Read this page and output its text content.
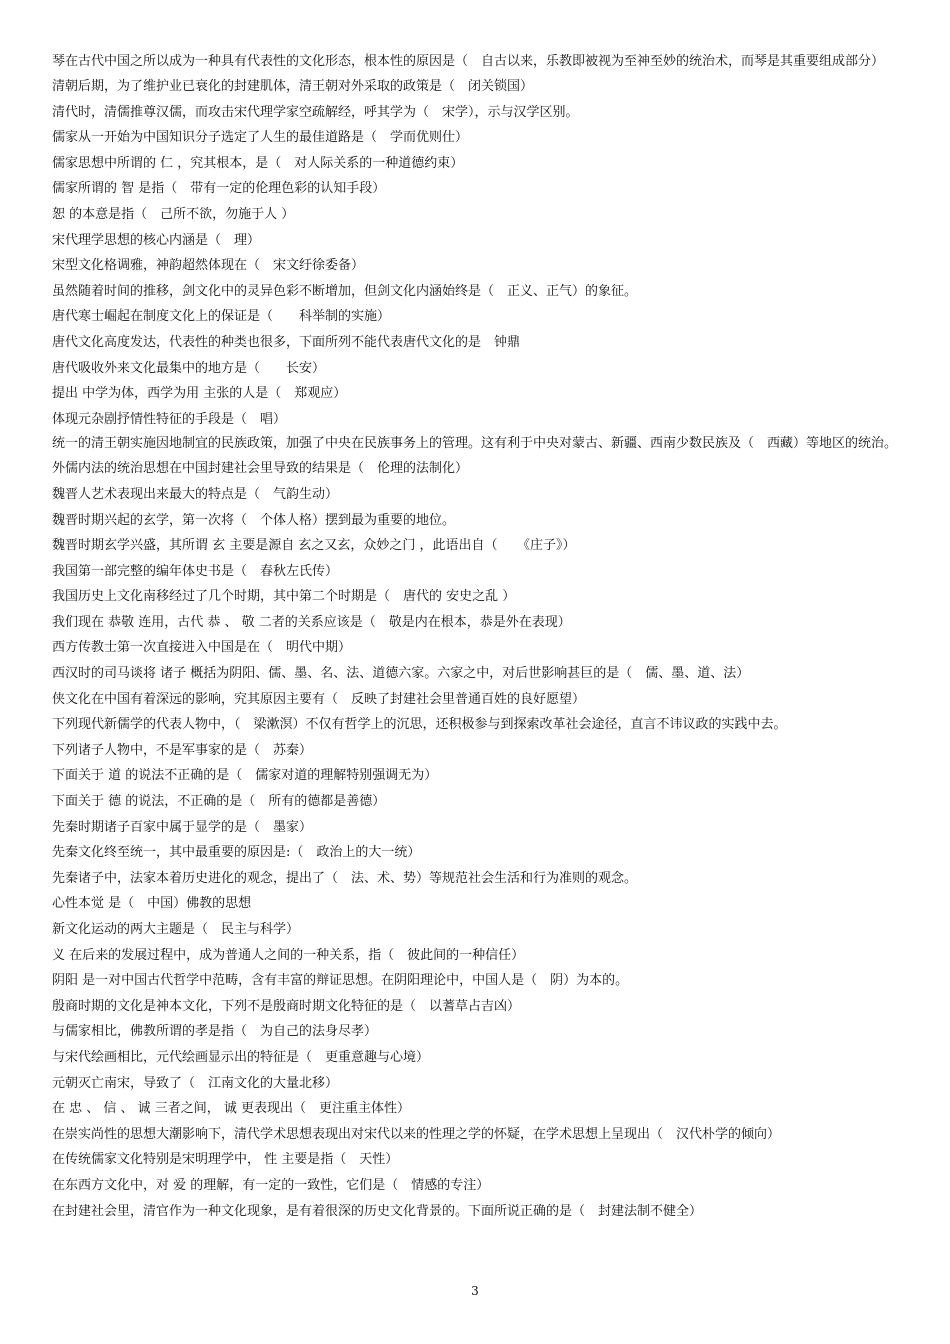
琴在古代中国之所以成为一种具有代表性的文化形态，根本性的原因是（　自古以来，乐教即被视为至神至妙的统治术，而琴是其重要组成部分）
清朝后期，为了维护业已衰化的封建肌体，清王朝对外采取的政策是（　闭关锁国）
清代时，清儒推尊汉儒，而攻击宋代理学家空疏解经，呼其学为（　宋学），示与汉学区别。
儒家从一开始为中国知识分子选定了人生的最佳道路是（　学而优则仕）
儒家思想中所谓的 仁 ，究其根本，是（　对人际关系的一种道德约束）
儒家所谓的 智 是指（　带有一定的伦理色彩的认知手段）
恕 的本意是指（　己所不欲，勿施于人 ）
宋代理学思想的核心内涵是（　理）
宋型文化格调雅，神韵超然体现在（　宋文纡徐委备）
虽然随着时间的推移，剑文化中的灵异色彩不断增加，但剑文化内涵始终是（　正义、正气）的象征。
唐代寒士崛起在制度文化上的保证是（　　科举制的实施）
唐代文化高度发达，代表性的种类也很多，下面所列不能代表唐代文化的是　钟鼎
唐代吸收外来文化最集中的地方是（　　长安）
提出 中学为体，西学为用 主张的人是（　郑观应）
体现元杂剧抒情性特征的手段是（　唱）
统一的清王朝实施因地制宜的民族政策，加强了中央在民族事务上的管理。这有利于中央对蒙古、新疆、西南少数民族及（　西藏）等地区的统治。
外儒内法的统治思想在中国封建社会里导致的结果是（　伦理的法制化）
魏晋人艺术表现出来最大的特点是（　气韵生动）
魏晋时期兴起的玄学，第一次将（　个体人格）摆到最为重要的地位。
魏晋时期玄学兴盛，其所谓 玄 主要是源自 玄之又玄，众妙之门 ，此语出自（　　《庄子》）
我国第一部完整的编年体史书是（　春秋左氏传）
我国历史上文化南移经过了几个时期，其中第二个时期是（　唐代的 安史之乱 ）
我们现在 恭敬 连用，古代 恭 、 敬 二者的关系应该是（　敬是内在根本，恭是外在表现）
西方传教士第一次直接进入中国是在（　明代中期）
西汉时的司马谈将 诸子 概括为阴阳、儒、墨、名、法、道德六家。六家之中，对后世影响甚巨的是（　儒、墨、道、法）
侠文化在中国有着深远的影响，究其原因主要有（　反映了封建社会里普通百姓的良好愿望）
下列现代新儒学的代表人物中，（　梁漱溟）不仅有哲学上的沉思，还积极参与到探索改革社会途径，直言不讳议政的实践中去。
下列诸子人物中，不是军事家的是（　苏秦）
下面关于 道 的说法不正确的是（　儒家对道的理解特别强调无为）
下面关于 德 的说法，不正确的是（　所有的德都是善德）
先秦时期诸子百家中属于显学的是（　墨家）
先秦文化终至统一，其中最重要的原因是:（　政治上的大一统）
先秦诸子中，法家本着历史进化的观念，提出了（　法、术、势）等规范社会生活和行为准则的观念。
心性本觉 是（　中国）佛教的思想
新文化运动的两大主题是（　民主与科学）
义 在后来的发展过程中，成为普通人之间的一种关系，指（　彼此间的一种信任）
阴阳 是一对中国古代哲学中范畴，含有丰富的辩证思想。在阴阳理论中，中国人是（　阴）为本的。
殷商时期的文化是神本文化，下列不是殷商时期文化特征的是（　以蓍草占吉凶）
与儒家相比，佛教所谓的孝是指（　为自己的法身尽孝）
与宋代绘画相比，元代绘画显示出的特征是（　更重意趣与心境）
元朝灭亡南宋，导致了（　江南文化的大量北移）
在 忠 、 信 、 诚 三者之间， 诚 更表现出（　更注重主体性）
在崇实尚性的思想大潮影响下，清代学术思想表现出对宋代以来的性理之学的怀疑，在学术思想上呈现出（　汉代朴学的倾向）
在传统儒家文化特别是宋明理学中， 性 主要是指（　天性）
在东西方文化中，对 爱 的理解，有一定的一致性，它们是（　情感的专注）
在封建社会里，清官作为一种文化现象，是有着很深的历史文化背景的。下面所说正确的是（　封建法制不健全）
3
